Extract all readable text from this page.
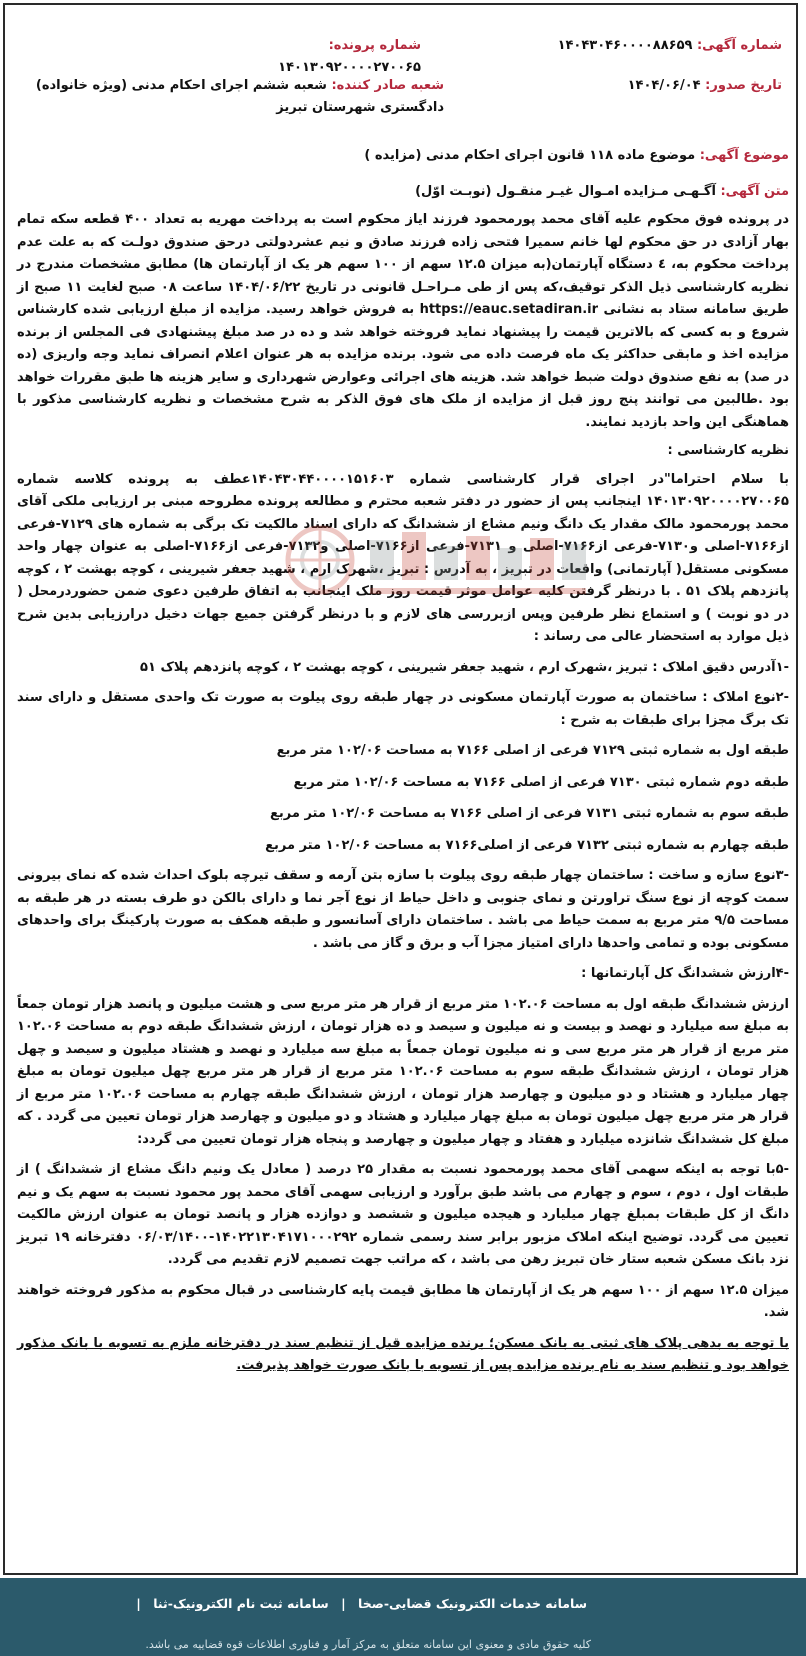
شماره آگهی: ۱۴۰۴۳۰۴۶۰۰۰۰۸۸۶۵۹
شماره پرونده: ۱۴۰۱۳۰۹۲۰۰۰۰۲۷۰۰۶۵
تاریخ صدور: ۱۴۰۴/۰۶/۰۴
شعبه صادر کننده: شعبه ششم اجرای احکام مدنی (ویژه خانواده) دادگستری شهرستان تبریز
موضوع آگهی: موضوع ماده ۱۱۸ قانون اجرای احکام مدنی (مزایده )
متن آگهی: آگـهـی مـزایده امـوال غیـر منقـول (نوبـت اوّل)

در پرونده فوق محکوم علیه آقای محمد پورمحمود فرزند ایاز محکوم است به پرداخت مهریه به تعداد ۴۰۰ قطعه سکه تمام بهار آزادی در حق محکوم لها خانم سمیرا فتحی زاده فرزند صادق و نیم عشردولتی درحق صندوق دولـت که به علت عدم پرداخت محکوم به، ٤ دستگاه آپارتمان(به میزان ۱۲.۵ سهم از ۱۰۰ سهم هر یک از آپارتمان ها) مطابق مشخصات مندرج در نظریه کارشناسی ذیل الذکر توقیف،که پس از طی مـراحـل قانونی در تاریخ ۱۴۰۴/۰۶/۲۲ ساعت ۰۸ صبح لغایت ۱۱ صبح از طریق سامانه ستاد به نشانی https://eauc.setadiran.ir به فروش خواهد رسید. مزایده از مبلغ ارزیابی شده کارشناس شروع و به کسی که بالاترین قیمت را پیشنهاد نماید فروخته خواهد شد و ده در صد مبلغ پیشنهادی فی المجلس از برنده مزایده اخذ و مابقی حداکثر یک ماه فرصت داده می شود. برنده مزایده به هر عنوان اعلام انصراف نماید وجه واریزی (ده در صد) به نفع صندوق دولت ضبط خواهد شد. هزینه های اجرائی وعوارض شهرداری و سایر هزینه ها طبق مقررات خواهد بود .طالبین می توانند پنج روز قبل از مزایده از ملک های فوق الذکر به شرح مشخصات و نظریه کارشناسی مذکور با هماهنگی این واحد بازدید نمایند.

نظریه کارشناسی :

با سلام احتراما"در اجرای قرار کارشناسی شماره ۱۴۰۴۳۰۴۴۰۰۰۰۱۵۱۶۰۳عطف به پرونده کلاسه شماره ۱۴۰۱۳۰۹۲۰۰۰۰۲۷۰۰۶۵ اینجانب پس از حضور در دفتر شعبه محترم و مطالعه پرونده مطروحه مبنی بر ارزیابی ملکی آقای محمد پورمحمود مالک مقدار یک دانگ ونیم مشاع از ششدانگ که دارای اسناد مالکیت تک برگی به شماره های ۷۱۲۹-فرعی از۷۱۶۶-اصلی و۷۱۳۰-فرعی از۷۱۶۶-اصلی و ۷۱۳۱-فرعی از۷۱۶۶-اصلی و۷۱۳۲-فرعی از۷۱۶۶-اصلی به عنوان چهار واحد مسکونی مستقل( آپارتمانی) واقعات در تبریز ، به آدرس : تبریز ،شهرک ارم ، شهید جعفر شیرینی ، کوچه بهشت ۲ ، کوچه پانزدهم پلاک ۵۱ . با درنظر گرفتن کلیه عوامل موثر قیمت روز ملک اینجانب به اتفاق طرفین دعوی ضمن حضوردرمحل ( در دو نوبت ) و استماع نظر طرفین وپس ازبررسی های لازم و با درنظر گرفتن جمیع جهات دخیل درارزیابی بدین شرح ذیل موارد به استحضار عالی می رساند :

-۱آدرس دقیق املاک : تبریز ،شهرک ارم ، شهید جعفر شیرینی ، کوچه بهشت ۲ ، کوچه پانزدهم پلاک ۵۱

-۲نوع املاک : ساختمان به صورت آپارتمان مسکونی در چهار طبقه روی پیلوت به صورت تک واحدی مستقل و دارای سند تک برگ مجزا برای طبقات به شرح :

طبقه اول به شماره ثبتی ۷۱۲۹ فرعی از اصلی ۷۱۶۶ به مساحت ۱۰۲/۰۶ متر مربع

طبقه دوم شماره ثبتی ۷۱۳۰ فرعی از اصلی ۷۱۶۶ به مساحت ۱۰۲/۰۶ متر مربع

طبقه سوم به شماره ثبتی ۷۱۳۱ فرعی از اصلی ۷۱۶۶ به مساحت ۱۰۲/۰۶ متر مربع

طبقه چهارم به شماره ثبتی ۷۱۳۲ فرعی از اصلی۷۱۶۶ به مساحت ۱۰۲/۰۶ متر مربع

-۳نوع سازه و ساخت : ساختمان چهار طبقه روی پیلوت با سازه بتن آرمه و سقف تیرچه بلوک احداث شده که نمای بیرونی سمت کوچه از نوع سنگ تراورتن و نمای جنوبی و داخل حیاط از نوع آجر نما و دارای بالکن دو طرف بسته در هر طبقه به مساحت ۹/۵ متر مربع به سمت حیاط می باشد . ساختمان دارای آسانسور و طبقه همکف به صورت پارکینگ برای واحدهای مسکونی بوده و تمامی واحدها دارای امتیاز مجزا آب و برق و گاز می باشد .

-۴ارزش ششدانگ کل آپارتمانها :

ارزش ششدانگ طبقه اول به مساحت ۱۰۲.۰۶ متر مربع از قرار هر متر مربع سی و هشت میلیون و پانصد هزار تومان جمعاً به مبلغ سه میلیارد و نهصد و بیست و نه میلیون و سیصد و ده هزار تومان ، ارزش ششدانگ طبقه دوم به مساحت ۱۰۲.۰۶ متر مربع از قرار هر متر مربع سی و نه میلیون تومان جمعاً به مبلغ سه میلیارد و نهصد و هشتاد میلیون و سیصد و چهل هزار تومان ، ارزش ششدانگ طبقه سوم به مساحت ۱۰۲.۰۶ متر مربع از قرار هر متر مربع چهل میلیون تومان به مبلغ چهار میلیارد و هشتاد و دو میلیون و چهارصد هزار تومان ، ارزش ششدانگ طبقه چهارم به مساحت ۱۰۲.۰۶ متر مربع از قرار هر متر مربع چهل میلیون تومان به مبلغ چهار میلیارد و هشتاد و دو میلیون و چهارصد هزار تومان تعیین می گردد . که مبلغ کل ششدانگ شانزده میلیارد و هفتاد و چهار میلیون و چهارصد و پنجاه هزار تومان تعیین می گردد:

-۵با توجه به اینکه سهمی آقای محمد پورمحمود نسبت به مقدار ۲۵ درصد ( معادل یک ونیم دانگ مشاع از ششدانگ ) از طبقات اول ، دوم ، سوم و چهارم می باشد طبق برآورد و ارزیابی سهمی آقای محمد پور محمود نسبت به سهم یک و نیم دانگ از کل طبقات بمبلغ چهار میلیارد و هیجده میلیون و ششصد و دوازده هزار و پانصد تومان به عنوان ارزش مالکیت تعیین می گردد. توضیح اینکه املاک مزبور برابر سند رسمی شماره ۱۴۰۲۲۱۳۰۴۱۷۱۰۰۰۲۹۲-۰۶/۰۳/۱۴۰۰ دفترخانه ۱۹ تبریز نزد بانک مسکن شعبه ستار خان تبریز رهن می باشد ، که مراتب جهت تصمیم لازم تقدیم می گردد.

میزان ۱۲.۵ سهم از ۱۰۰ سهم هر یک از آپارتمان ها مطابق قیمت پایه کارشناسی در قبال محکوم به مذکور فروخته خواهند شد.

با توجه به بدهی پلاک های ثبتی به بانک مسکن؛ برنده مزایده قبل از تنظیم سند در دفترخانه ملزم به تسویه با بانک مذکور خواهد بود و تنظیم سند به نام برنده مزایده پس از تسویه با بانک صورت خواهد پذیرفت.

سامانه خدمات الکترونیک قضایی-صخا | سامانه ثبت نام الکترونیک-ثنا |
کلیه حقوق مادی و معنوی این سامانه متعلق به مرکز آمار و فناوری اطلاعات قوه قضاییه می باشد.
